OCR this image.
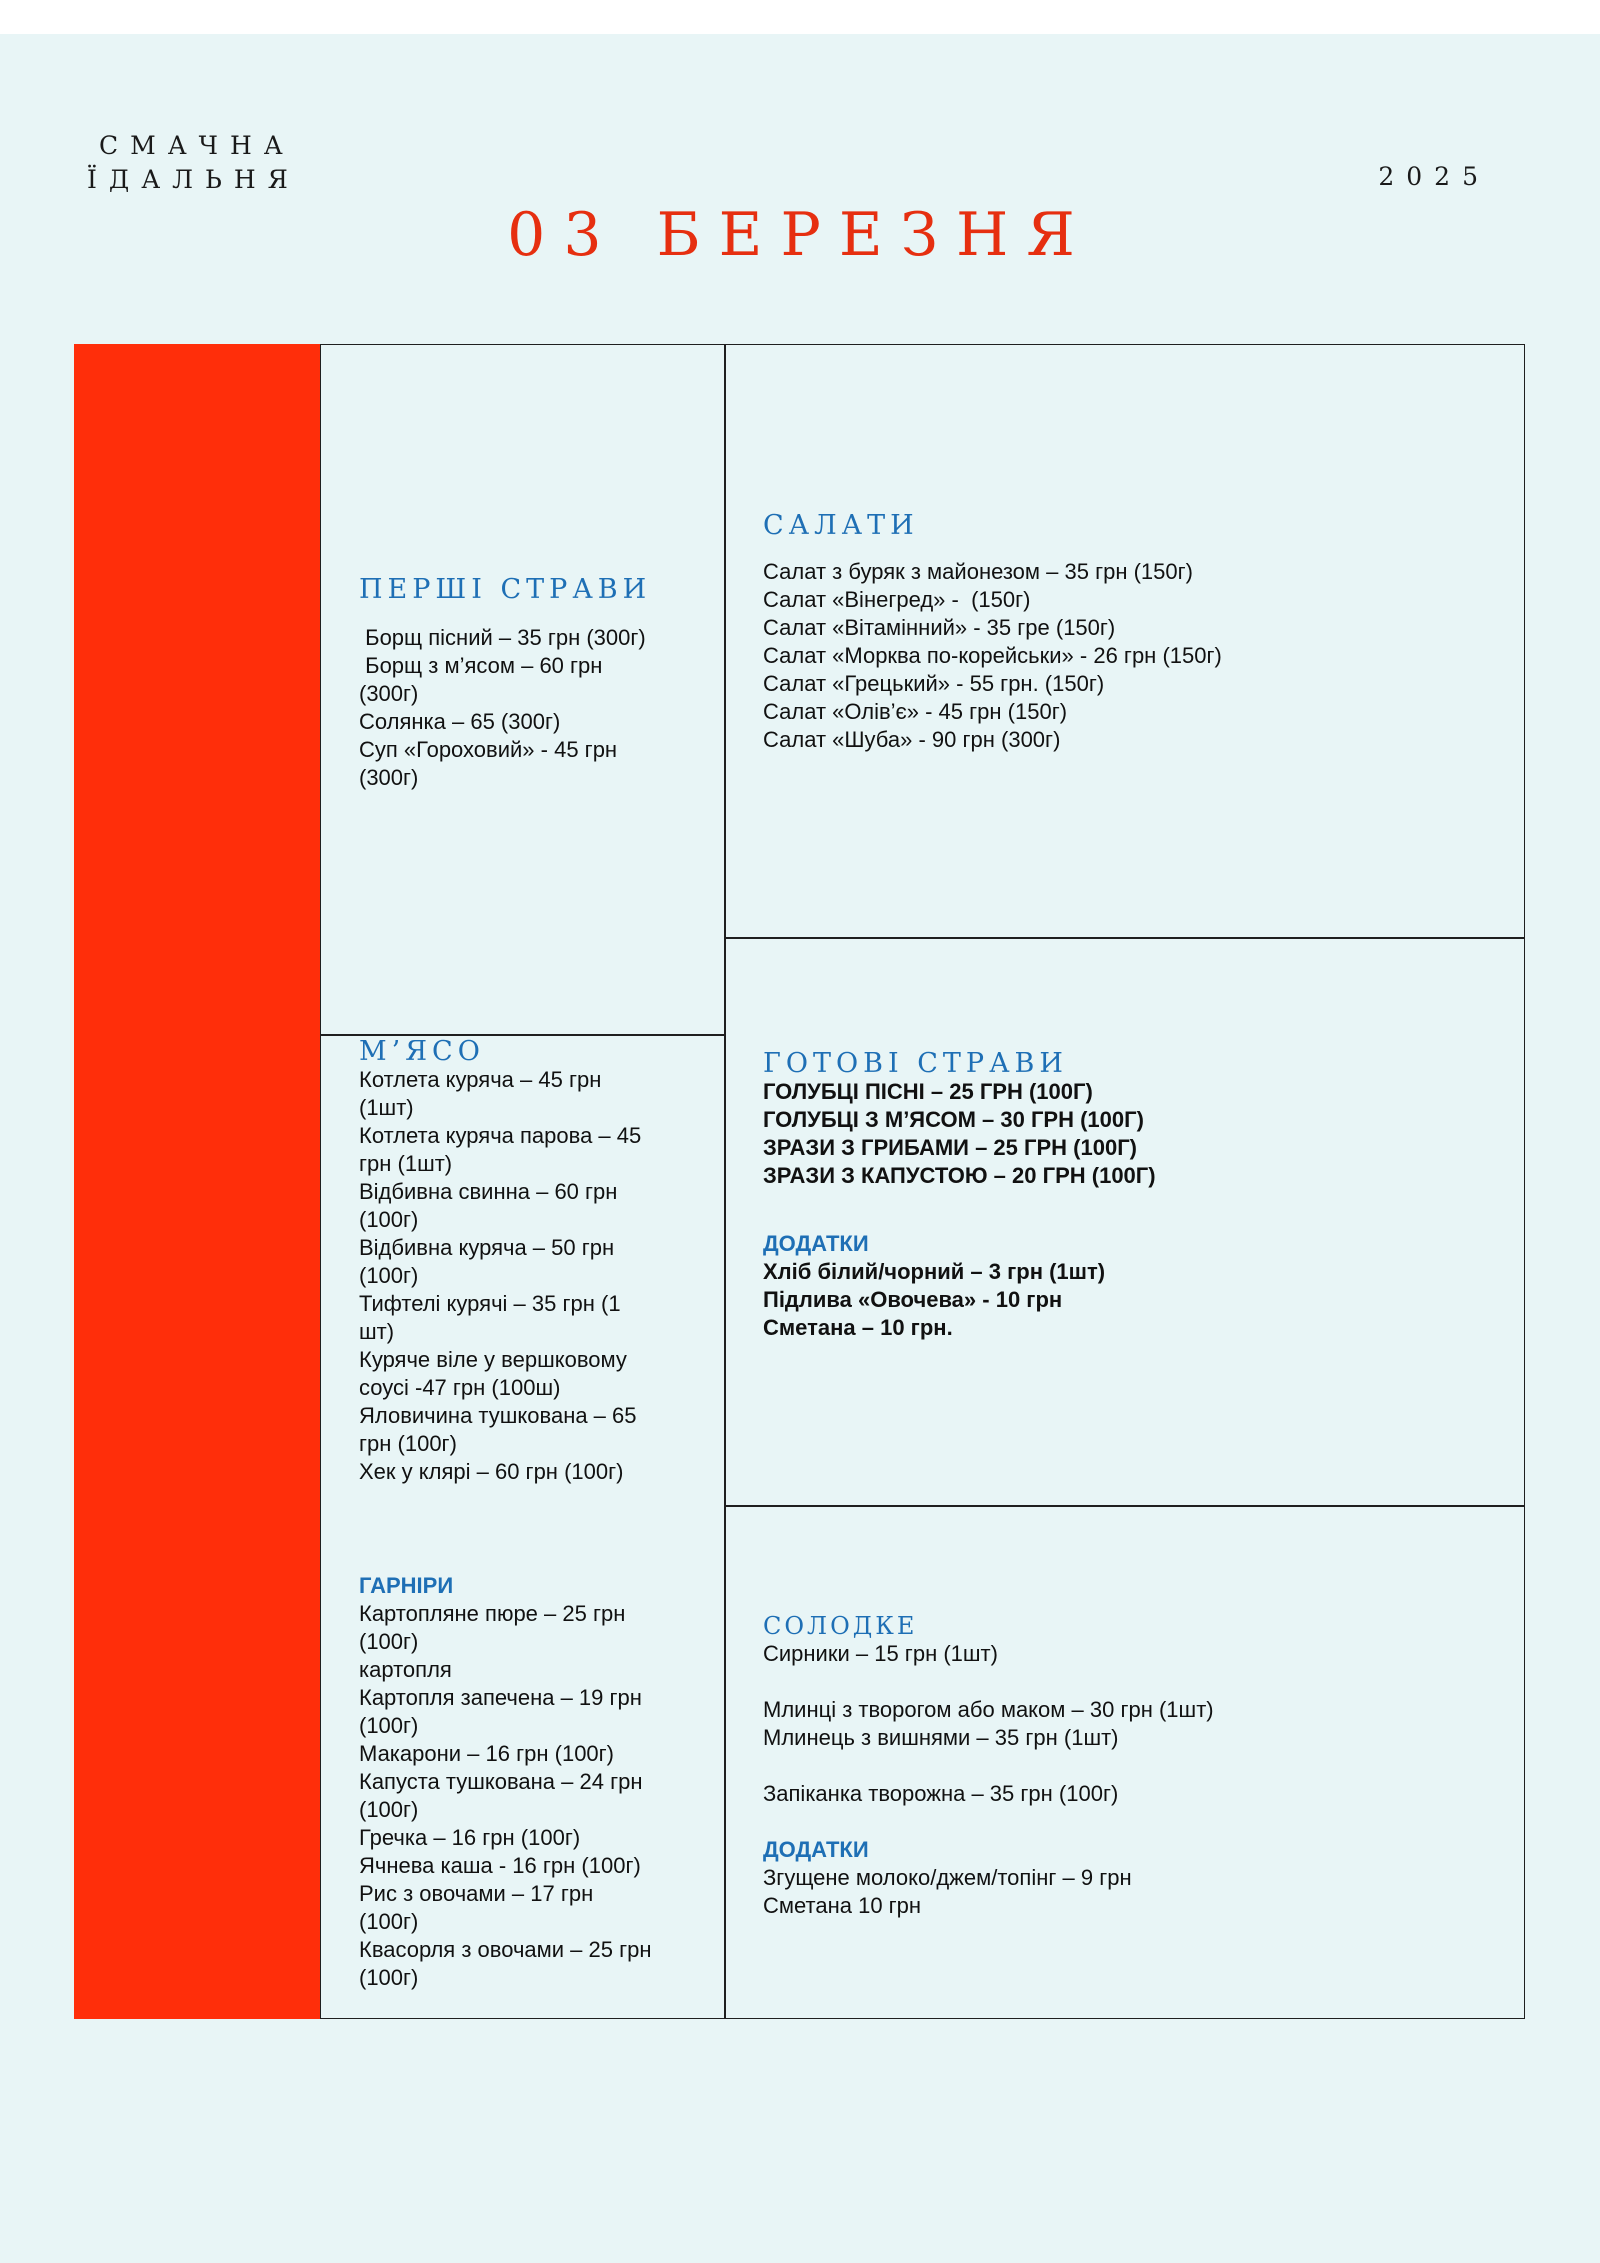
СМАЧНА
ЇДАЛЬНЯ	2025
03 БЕРЕЗНЯ
ПЕРШІ СТРАВИ
Борщ пісний – 35 грн (300г)
Борщ з м’ясом – 60 грн
(300г)
Солянка – 65 (300г)
Суп «Гороховий» - 45 грн
(300г)
М’ЯСО
Котлета куряча – 45 грн
(1шт)
Котлета куряча парова – 45
грн (1шт)
Відбивна свинна – 60 грн
(100г)
Відбивна куряча – 50 грн
(100г)
Тифтелі курячі – 35 грн (1
шт)
Куряче віле у вершковому
соусі -47 грн (100ш)
Яловичина тушкована – 65
грн (100г)
Хек у клярі – 60 грн (100г)
ГАРНІРИ
Картопляне пюре – 25 грн
(100г)
картопля
Картопля запечена – 19 грн
(100г)
Макарони – 16 грн (100г)
Капуста тушкована – 24 грн
(100г)
Гречка – 16 грн (100г)
Ячнева каша - 16 грн (100г)
Рис з овочами – 17 грн
(100г)
Квасорля з овочами – 25 грн
(100г)
САЛАТИ
Салат з буряк з майонезом – 35 грн (150г)
Салат «Вінегред» -  (150г)
Салат «Вітамінний» - 35 гре (150г)
Салат «Морква по-корейськи» - 26 грн (150г)
Салат «Грецький» - 55 грн. (150г)
Салат «Олів’є» - 45 грн (150г)
Салат «Шуба» - 90 грн (300г)
ГОТОВІ СТРАВИ
ГОЛУБЦІ ПІСНІ – 25 ГРН (100Г)
ГОЛУБЦІ З М’ЯСОМ – 30 ГРН (100Г)
ЗРАЗИ З ГРИБАМИ – 25 ГРН (100Г)
ЗРАЗИ З КАПУСТОЮ – 20 ГРН (100Г)
ДОДАТКИ
Хліб білий/чорний – 3 грн (1шт)
Підлива «Овочева» - 10 грн
Сметана – 10 грн.
СОЛОДКЕ
Сирники – 15 грн (1шт)
Млинці з творогом або маком – 30 грн (1шт)
Млинець з вишнями – 35 грн (1шт)
Запіканка творожна – 35 грн (100г)
ДОДАТКИ
Згущене молоко/джем/топінг – 9 грн
Сметана 10 грн
